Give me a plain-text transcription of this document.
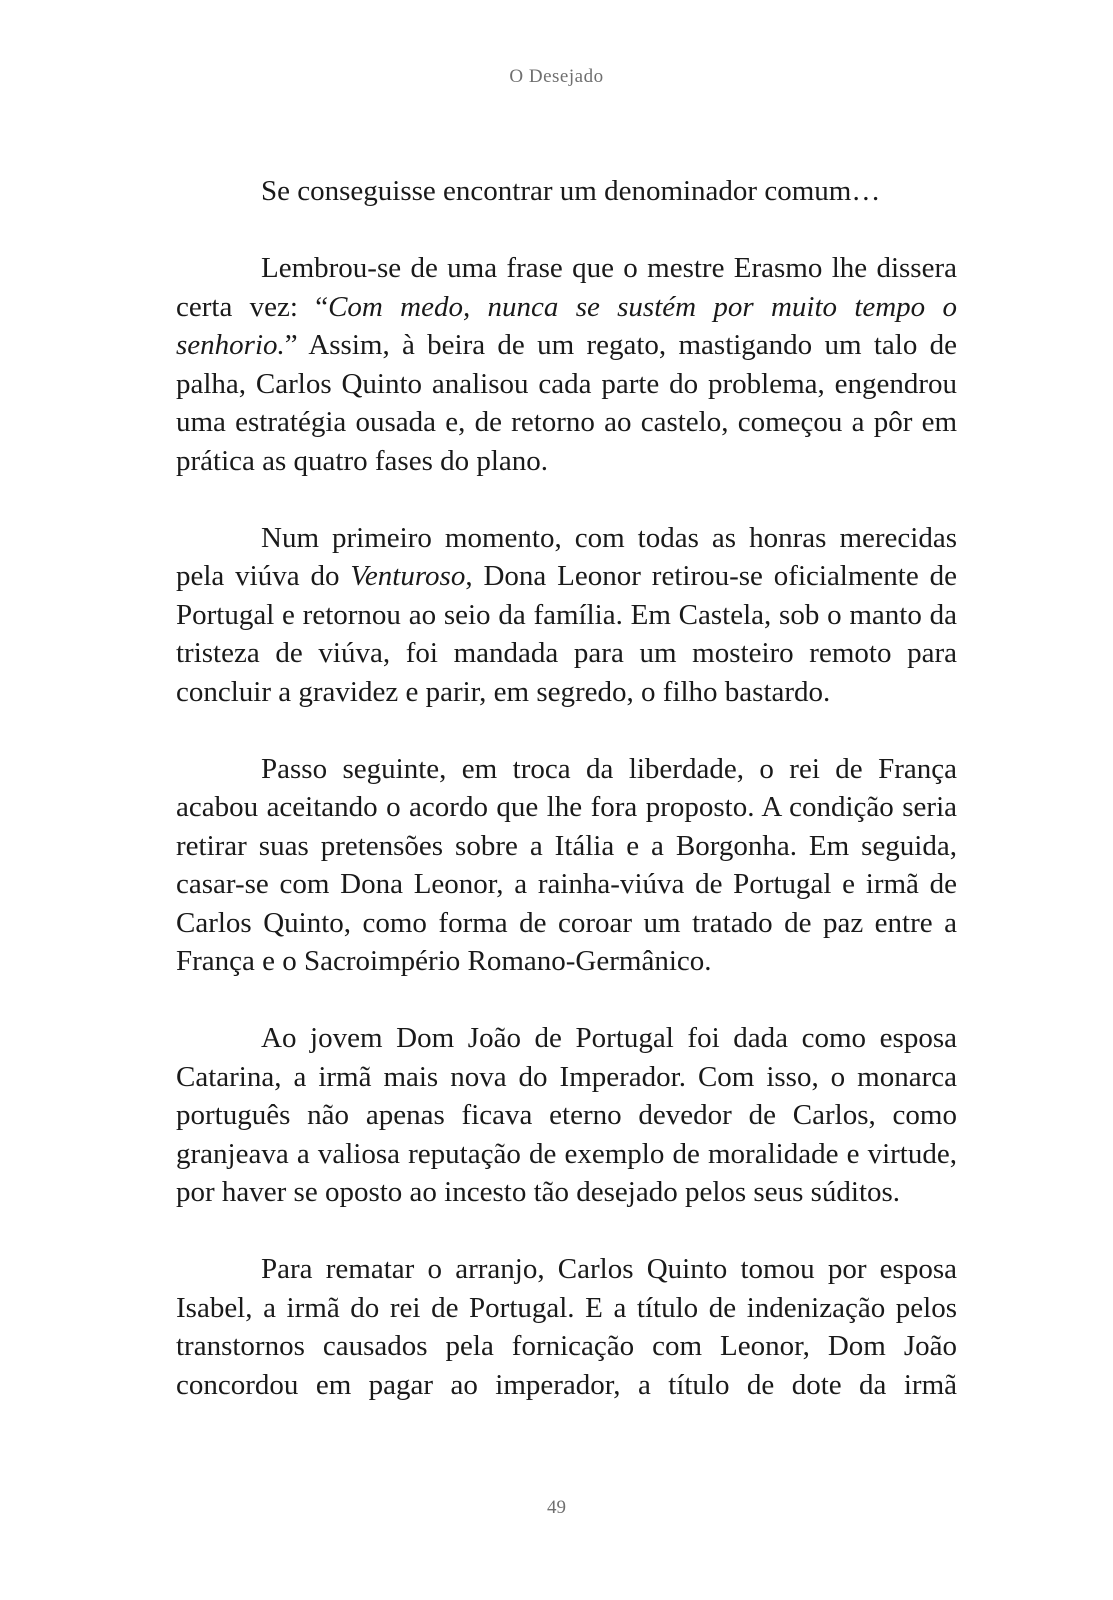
O Desejado

Se conseguisse encontrar um denominador comum…

Lembrou-se de uma frase que o mestre Erasmo lhe dissera certa vez: “Com medo, nunca se sustém por muito tempo o senhorio.” Assim, à beira de um regato, mastigando um talo de palha, Carlos Quinto analisou cada parte do problema, engendrou uma estratégia ousada e, de retorno ao castelo, começou a pôr em prática as quatro fases do plano.

Num primeiro momento, com todas as honras merecidas pela viúva do Venturoso, Dona Leonor retirou-se oficialmente de Portugal e retornou ao seio da família. Em Castela, sob o manto da tristeza de viúva, foi mandada para um mosteiro remoto para concluir a gravidez e parir, em segredo, o filho bastardo.

Passo seguinte, em troca da liberdade, o rei de França acabou aceitando o acordo que lhe fora proposto. A condição seria retirar suas pretensões sobre a Itália e a Borgonha. Em seguida, casar-se com Dona Leonor, a rainha-viúva de Portugal e irmã de Carlos Quinto, como forma de coroar um tratado de paz entre a França e o Sacroimpério Romano-Germânico.

Ao jovem Dom João de Portugal foi dada como esposa Catarina, a irmã mais nova do Imperador. Com isso, o monarca português não apenas ficava eterno devedor de Carlos, como granjeava a valiosa reputação de exemplo de moralidade e virtude, por haver se oposto ao incesto tão desejado pelos seus súditos.

Para rematar o arranjo, Carlos Quinto tomou por esposa Isabel, a irmã do rei de Portugal. E a título de indenização pelos transtornos causados pela fornicação com Leonor, Dom João concordou em pagar ao imperador, a título de dote da irmã

49
